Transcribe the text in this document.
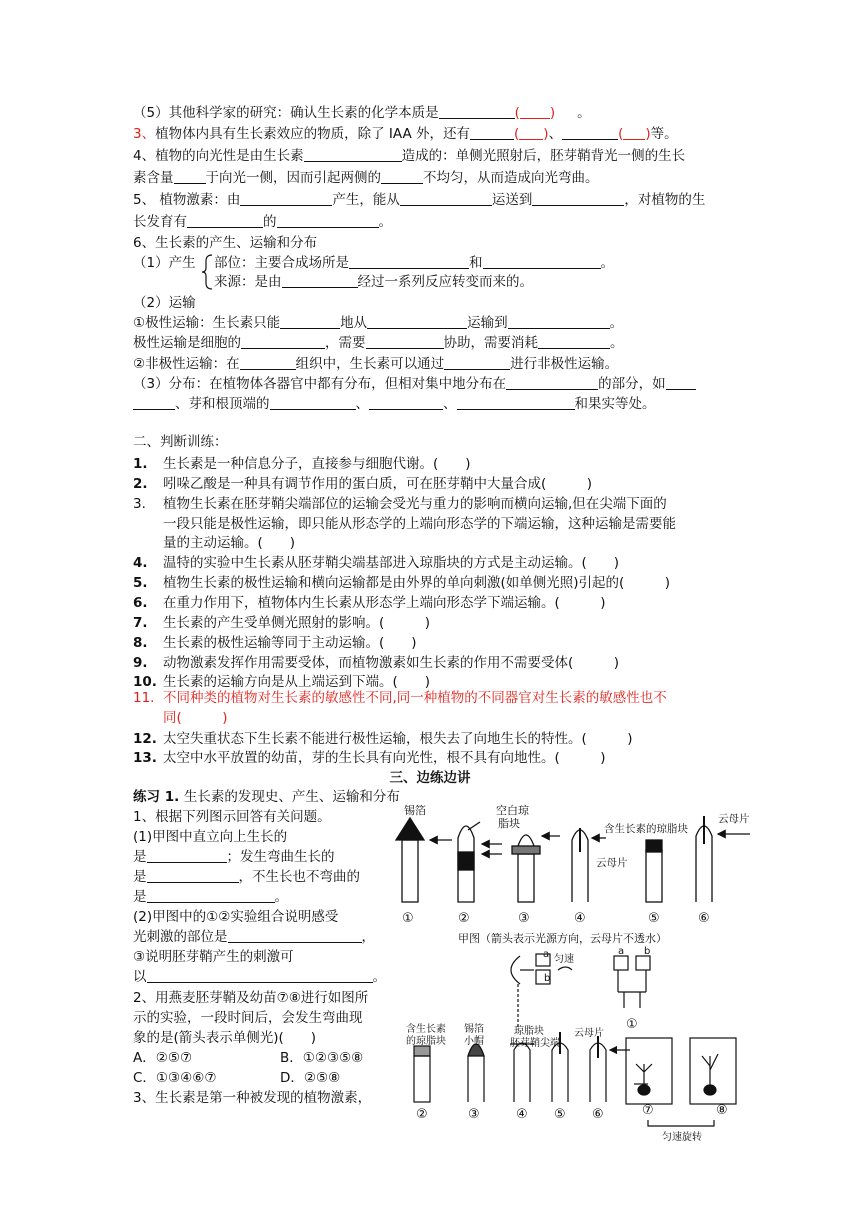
（5）其他科学家的研究：确认生长素的化学本质是	( ) 。
3、植物体内具有生长素效应的物质，除了 IAA 外，还有	( )、	( )等。
4、植物的向光性是由生长素	造成的：单侧光照射后，胚芽鞘背光一侧的生长
素含量 于向光一侧，因而引起两侧的	不均匀，从而造成向光弯曲。
5、 植物激素：由	产生，能从	运送到	，对植物的生
长发育有	的	。
6、生长素的产生、运输和分布
（1）产生 部位：主要合成场所是	和	。
来源：是由	经过一系列反应转变而来的。
（2）运输
①极性运输：生长素只能	地从	运输到	。
极性运输是细胞的	，需要	协助，需要消耗	。
②非极性运输：在	组织中，生长素可以通过	进行非极性运输。
（3）分布：在植物体各器官中都有分布，但相对集中地分布在	的部分，如
、芽和根顶端的	、	、	和果实等处。
二、判断训练：
1. 生长素是一种信息分子，直接参与细胞代谢。(　　)
2. 吲哚乙酸是一种具有调节作用的蛋白质，可在胚芽鞘中大量合成(　　　)
3. 植物生长素在胚芽鞘尖端部位的运输会受光与重力的影响而横向运输,但在尖端下面的
一段只能是极性运输，即只能从形态学的上端向形态学的下端运输，这种运输是需要能
量的主动运输。(　　)
4. 温特的实验中生长素从胚芽鞘尖端基部进入琼脂块的方式是主动运输。(　　)
5. 植物生长素的极性运输和横向运输都是由外界的单向刺激(如单侧光照)引起的(　　　)
6. 在重力作用下，植物体内生长素从形态学上端向形态学下端运输。(　　　)
7. 生长素的产生受单侧光照射的影响。(　　　)
8. 生长素的极性运输等同于主动运输。(　　)
9. 动物激素发挥作用需要受体，而植物激素如生长素的作用不需要受体(　　　)
10. 生长素的运输方向是从上端运到下端。(　　)
11. 不同种类的植物对生长素的敏感性不同,同一种植物的不同器官对生长素的敏感性也不
同(　　　)
12. 太空失重状态下生长素不能进行极性运输，根失去了向地生长的特性。(　　　)
13. 太空中水平放置的幼苗，芽的生长具有向光性，根不具有向地性。(　　　)
三、边练边讲
练习 1. 生长素的发现史、产生、运输和分布
1、根据下列图示回答有关问题。
(1)甲图中直立向上生长的
是	；发生弯曲生长的
是	，不生长也不弯曲的
是	。
(2)甲图中的①②实验组合说明感受
光刺激的部位是	，
③说明胚芽鞘产生的刺激可
以	。
2、用燕麦胚芽鞘及幼苗⑦⑧进行如图所
示的实验，一段时间后，会发生弯曲现
象的是(箭头表示单侧光)(　　)
A．②⑤⑦	B．①②③⑤⑧
C．①③④⑥⑦	D．②⑤⑧
3、生长素是第一种被发现的植物激素，
锡箔	空白琼
脂块	含生长素的琼脂块
云母片
云母片
①	②	③	④	⑤	⑥
甲图（箭头表示光源方向，云母片不透水）
a
b
匀速
a b
琼脂块
胚芽鞘尖端
云母片
含生长素
的琼脂块
锡箔
小帽
①
②	③	④ ⑤ ⑥	⑦	⑧
匀速旋转
